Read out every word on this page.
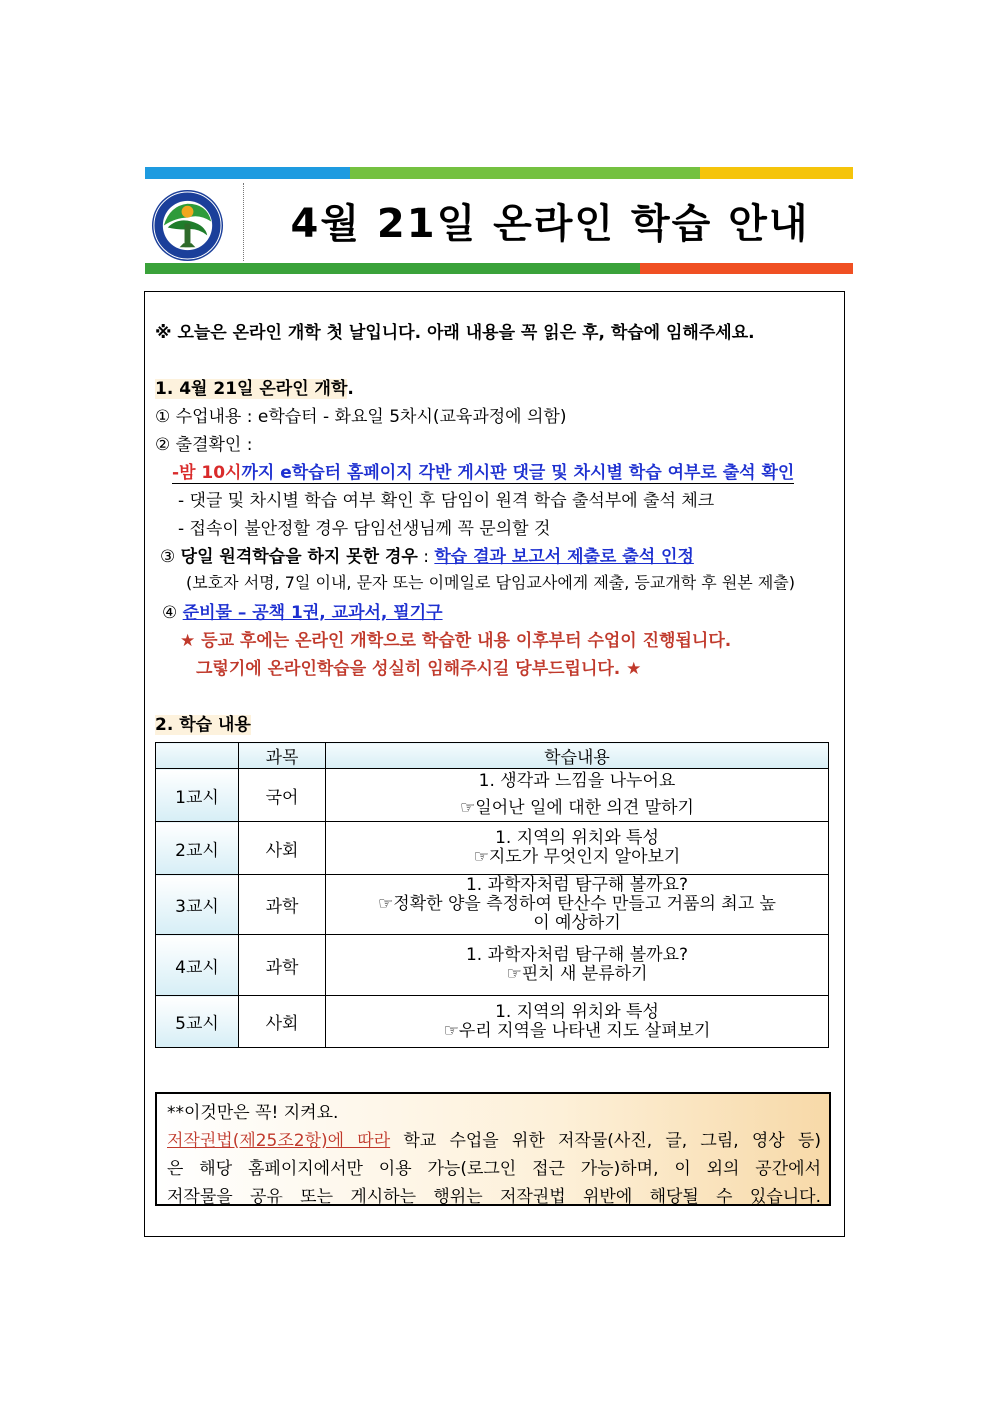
4월 21일 온라인 학습 안내
※ 오늘은 온라인 개학 첫 날입니다. 아래 내용을 꼭 읽은 후, 학습에 임해주세요.
1. 4월 21일 온라인 개학.
① 수업내용 : e학습터 - 화요일 5차시(교육과정에 의함)
② 출결확인 :
-밤 10시까지 e학습터 홈페이지 각반 게시판 댓글 및 차시별 학습 여부로 출석 확인
- 댓글 및 차시별 학습 여부 확인 후 담임이 원격 학습 출석부에 출석 체크
- 접속이 불안정할 경우 담임선생님께 꼭 문의할 것
③ 당일 원격학습을 하지 못한 경우 : 학습 결과 보고서 제출로 출석 인정
(보호자 서명, 7일 이내, 문자 또는 이메일로 담임교사에게 제출, 등교개학 후 원본 제출)
④ 준비물 – 공책 1권, 교과서, 필기구
★ 등교 후에는 온라인 개학으로 학습한 내용 이후부터 수업이 진행됩니다.
그렇기에 온라인학습을 성실히 임해주시길 당부드립니다. ★
2. 학습 내용
	과목	학습내용
1교시	국어	1. 생각과 느낌을 나누어요
☞일어난 일에 대한 의견 말하기

2교시	사회	1. 지역의 위치와 특성
☞지도가 무엇인지 알아보기

3교시	과학	1. 과학자처럼 탐구해 볼까요?
☞정확한 양을 측정하여 탄산수 만들고 거품의 최고 높
이 예상하기

4교시	과학	1. 과학자처럼 탐구해 볼까요?
☞핀치 새 분류하기

5교시	사회	1. 지역의 위치와 특성
☞우리 지역을 나타낸 지도 살펴보기
**이것만은 꼭! 지켜요.
저작권법(제25조2항)에 따라 학교 수업을 위한 저작물(사진, 글, 그림, 영상 등)
은 해당 홈페이지에서만 이용 가능(로그인 접근 가능)하며, 이 외의 공간에서
저작물을 공유 또는 게시하는 행위는 저작권법 위반에 해당될 수 있습니다.
